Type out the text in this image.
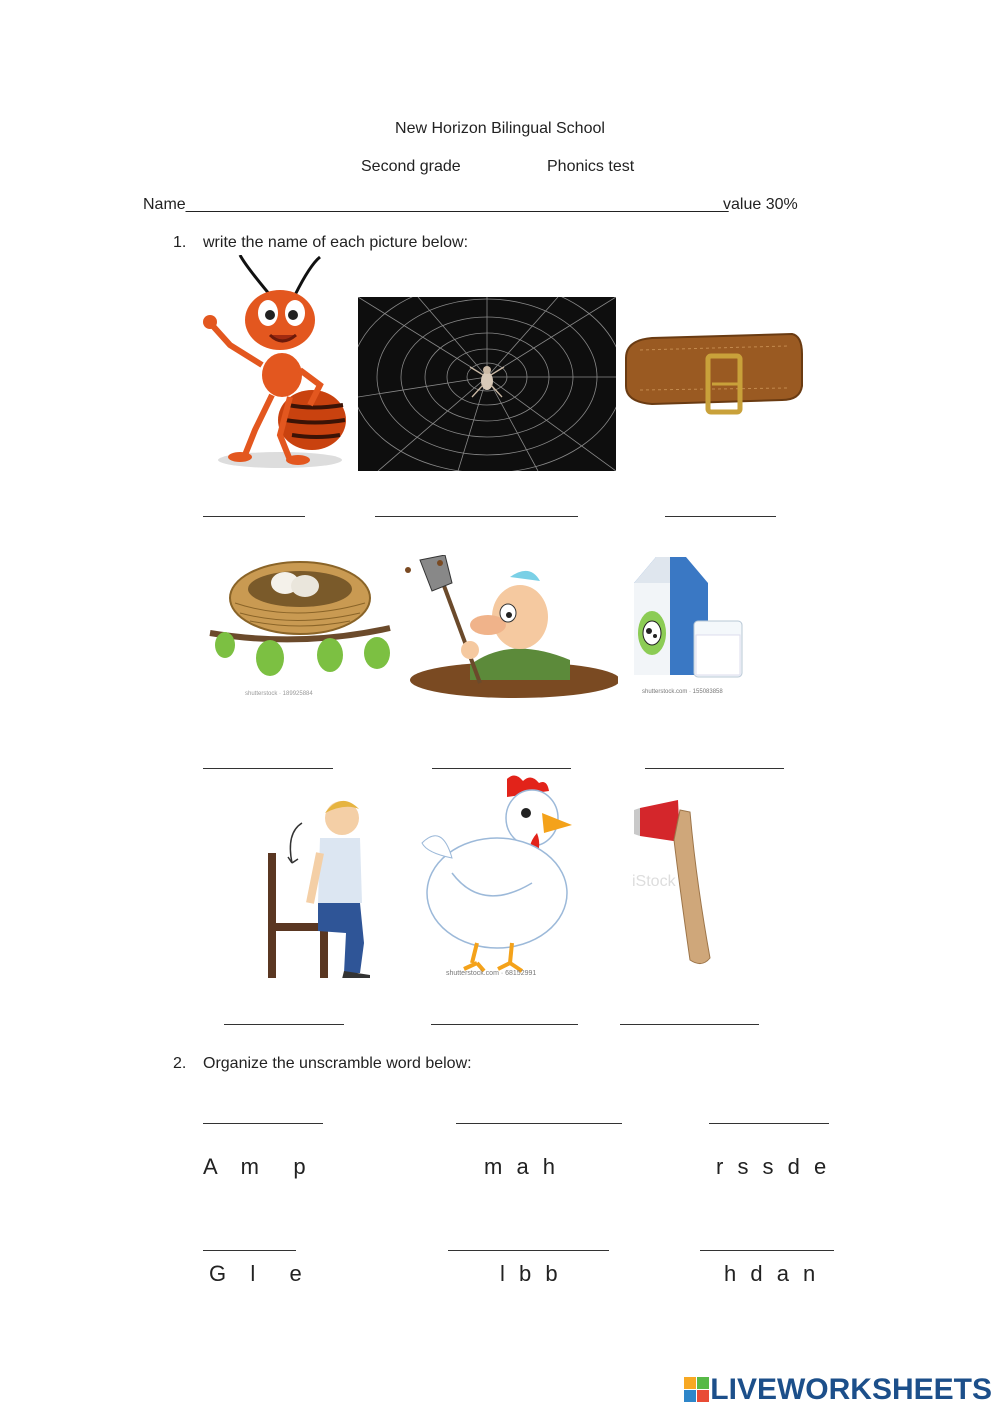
New Horizon Bilingual School
Second grade	Phonics test
Name_____________________________________________________________
value 30%
1. write the name of each picture below:
shutterstock · 189925884	shutterstock.com · 155083858
shutterstock.com · 68152991
iStock
2. Organize the unscramble word below:
A  m   p	m a h	r s s d e
G  l   e	l b b	h d a n
LIVEWORKSHEETS
